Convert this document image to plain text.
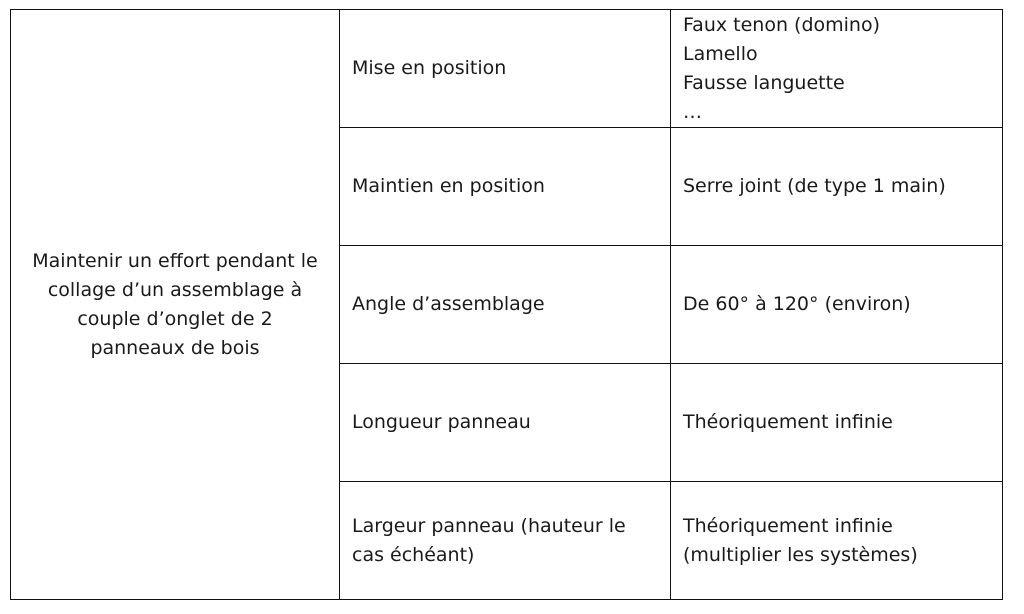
Maintenir un effort pendant le
collage d’un assemblage à
couple d’onglet de 2
panneaux de bois	Mise en position	Faux tenon (domino)
Lamello
Fausse languette
…

	Maintien en position	Serre joint (de type 1 main)

	Angle d’assemblage	De 60° à 120° (environ)

	Longueur panneau	Théoriquement infinie

	Largeur panneau (hauteur le
cas échéant)	Théoriquement infinie
(multiplier les systèmes)
